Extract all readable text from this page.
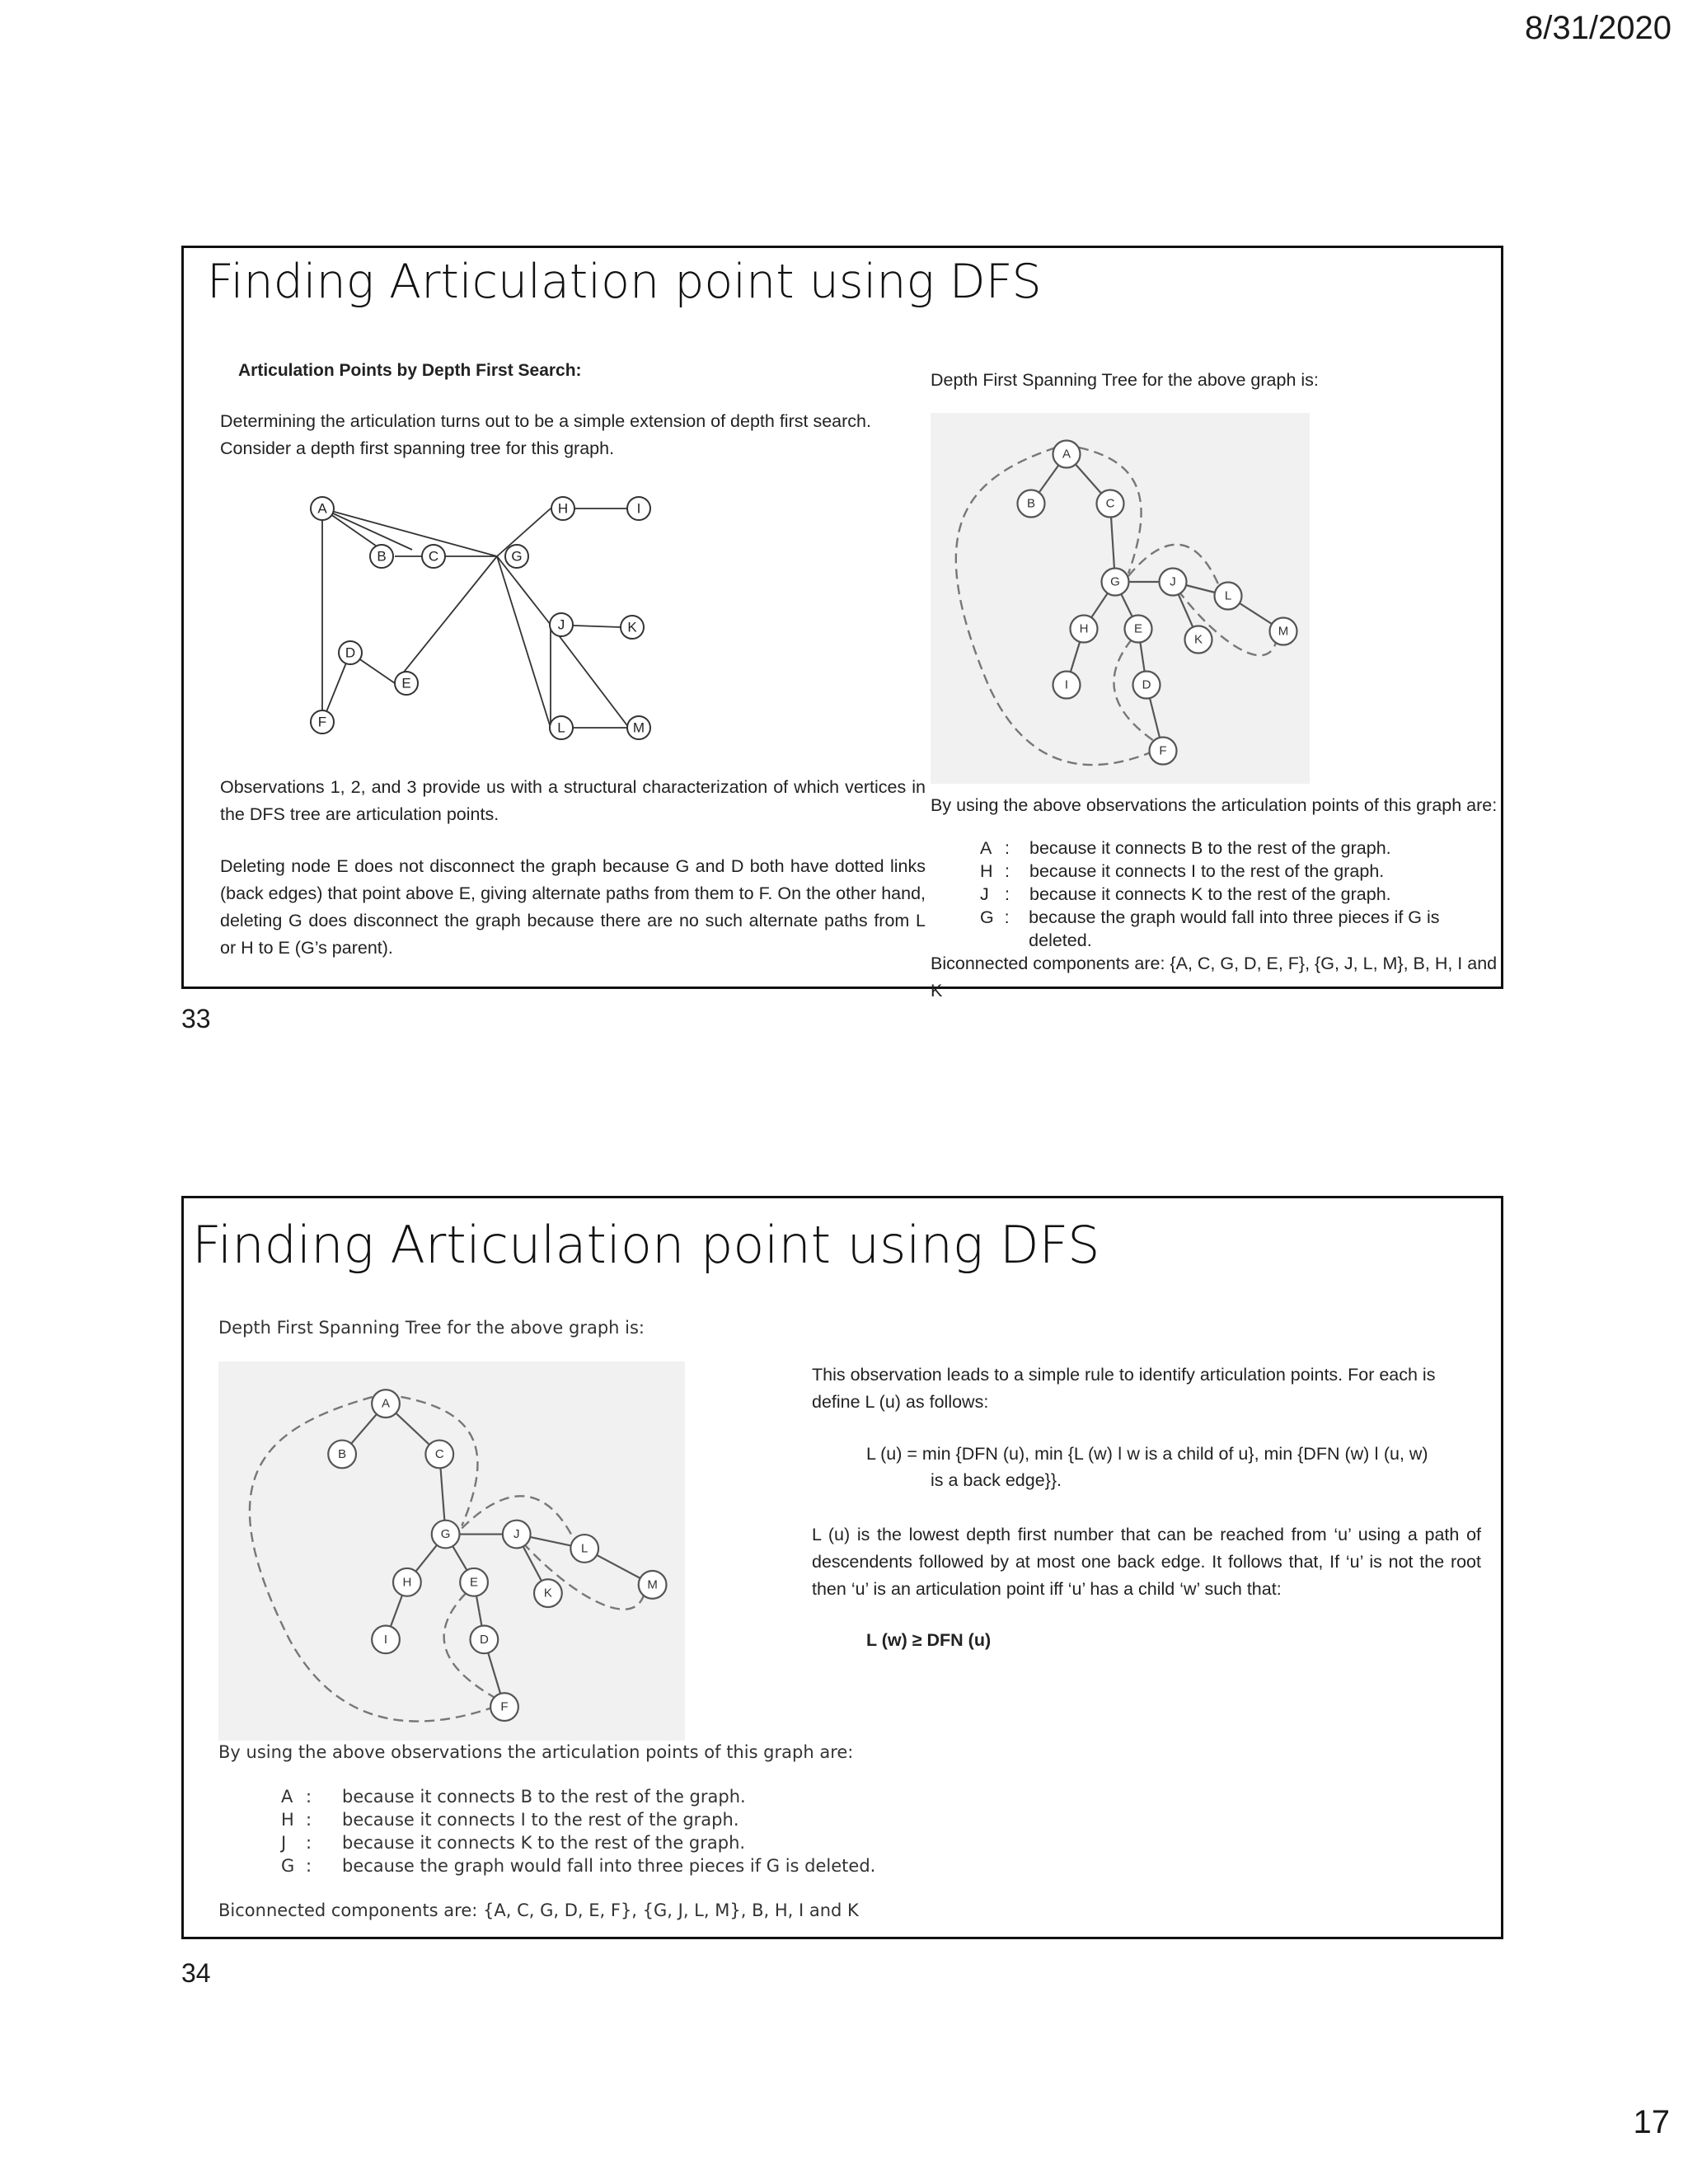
8/31/2020
Finding Articulation point using DFS
Articulation Points by Depth First Search:
Determining the articulation turns out to be a simple extension of depth first search.
Consider a depth first spanning tree for this graph.
A
B	C	G
H	I
J	K
D
E
F	L	M
Observations 1, 2, and 3 provide us with a structural characterization of which vertices in the DFS tree are articulation points.
Deleting node E does not disconnect the graph because G and D both have dotted links (back edges) that point above E, giving alternate paths from them to F. On the other hand, deleting G does disconnect the graph because there are no such alternate paths from L or H to E (G’s parent).
Depth First Spanning Tree for the above graph is:
A
B	C
G	J
L
M
H	E
K
I	D
F
By using the above observations the articulation points of this graph are:
A :	because it connects B to the rest of the graph.
H :	because it connects I to the rest of the graph.
J :	because it connects K to the rest of the graph.
G :	because the graph would fall into three pieces if G is deleted.
Biconnected components are: {A, C, G, D, E, F}, {G, J, L, M}, B, H, I and K
33
Finding Articulation point using DFS
Depth First Spanning Tree for the above graph is:
A
B	C
G	J
L
M
H	E
K
I	D
F
This observation leads to a simple rule to identify articulation points. For each is define L (u) as follows:
L (u) = min {DFN (u), min {L (w) ǀ w is a child of u}, min {DFN (w) ǀ (u, w)
is a back edge}}.
L (u) is the lowest depth first number that can be reached from ‘u’ using a path of descendents followed by at most one back edge. It follows that, If ‘u’ is not the root then ‘u’ is an articulation point iff ‘u’ has a child ‘w’ such that:
L (w) ≥ DFN (u)
By using the above observations the articulation points of this graph are:
A :	because it connects B to the rest of the graph.
H :	because it connects I to the rest of the graph.
J	:	because it connects K to the rest of the graph.
G :	because the graph would fall into three pieces if G is deleted.
Biconnected components are: {A, C, G, D, E, F}, {G, J, L, M}, B, H, I and K
34
17
